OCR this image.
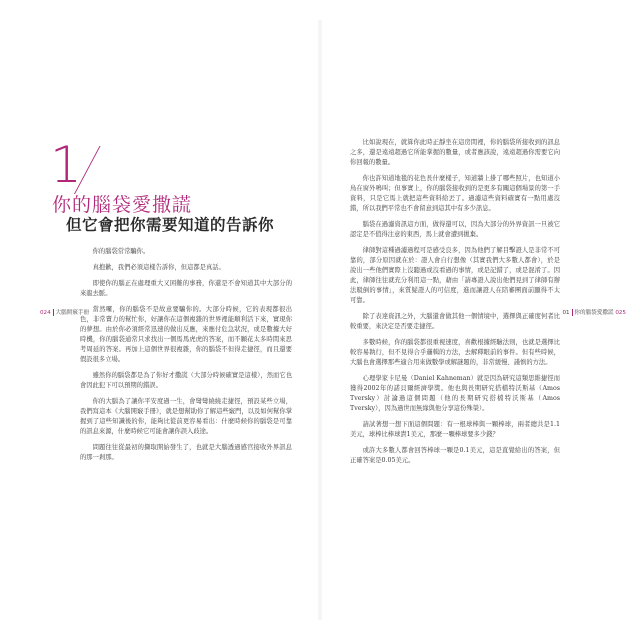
1
你的腦袋愛撒謊
但它會把你需要知道的告訴你

你的腦袋常常騙你。

真抱歉，我們必須這樣告訴你，但這都是真話。

即使你的腦正在處理重大又困難的事務，你還是不會知道其中大部分的來龍去脈。

當然囉，你的腦袋不是故意要騙你的。大部分時候，它的表現都很出色，非常賣力的幫忙你，好讓你在這個複雜的世界裡能順利活下來，實現你的夢想。由於你必須經常迅速的做出反應，來應付危急狀況，或是數據大好時機，你的腦袋通常只求找出一個馬馬虎虎的答案，而不願花太多時間來思考周延的答案。再加上這個世界很複雜，你的腦袋不但得走捷徑，而且還要假設很多立場。

雖然你的腦袋都是為了你好才撒謊（大部分時候確實是這樣），然而它也會因此犯下可以預期的錯誤。

你的大腦為了讓你平安度過一生，會彎彎繞繞走捷徑，預設某些立場，我們寫這本《大腦開竅手冊》，就是想幫助你了解這些竅門，以及如何幫你掌握到了這些知識後的你，能夠比從前更容易看出：什麼時候你的腦袋是可靠的訊息來源，什麼時候它可能會讓你誤入歧途。

問題往往從最初的擷取開始發生了，也就是大腦透過感官接收外界訊息的那一剎那。

024 大腦開竅手冊

比如說現在，就算你此時正靜坐在這房間裡，你的腦袋所接收到的訊息之多，還是遠遠超過它所能掌握的數量，或者應該說，遠遠超過你需要它向你回報的數量。

你也許知道地毯的花色長什麼樣子，知道牆上掛了哪些照片，也知道小鳥在窗外鳴叫；但事實上，你的腦袋接收到的是更多有關這個場景的第一手資料，只是它馬上就把這些資料給丟了。過濾這些資料確實有一點用處沒錯，所以我們平常也不會留意到這其中有多少訊息。

腦袋在過濾資訊這方面，做得還可以，因為大部分的外界資訊一旦被它認定是不值得注意的東西，馬上就會遭到拋棄。

律師對這種過濾過程可是感受良多，因為他們了解目擊證人是非常不可靠的，部分原因就在於：證人會自行想像（其實我們大多數人都會），於是說出一些他們實際上沒聽過或沒看過的事情，或是記錯了，或是混淆了。因此，律師往往就充分利用這一點，藉由「請專證人說出他們見到了律師有辦法駁倒的事情」，來質疑證人的可信度，進而讓證人在陪審團面前顯得不太可靠。

除了表達資訊之外，大腦還會做其他一個情境中，選擇與正確度何者比較重要，來決定是否要走捷徑。

多數時候，你的腦袋都很重視速度，喜歡根據經驗法則，也就是選擇比較容易執行，但不見得合乎邏輯的方法，去解釋眼前的事件。但有些時候，大腦也會選擇那些適合用來做數學或解謎題的，非常緩慢、謹慎的方法。

心理學家卡尼曼（Daniel Kahneman）就是因為研究這類思維捷徑而獲得2002年的諾貝爾經濟學獎。他也與長期研究搭檔特沃斯基（Amos Tversky）討論過這個問題（他的長期研究搭檔特沃斯基（Amos Tversky），因為過世而無緣與他分享這份殊榮）。

請試著想一想下面這個問題：有一根球棒與一顆棒球，兩者總共是1.1美元，球棒比棒球貴1美元，那麼一顆棒球要多少錢？

或許大多數人都會回答棒球一顆是0.1美元，這是直覺給出的答案，但正確答案是0.05美元。

01 你的腦袋愛撒謊 025
